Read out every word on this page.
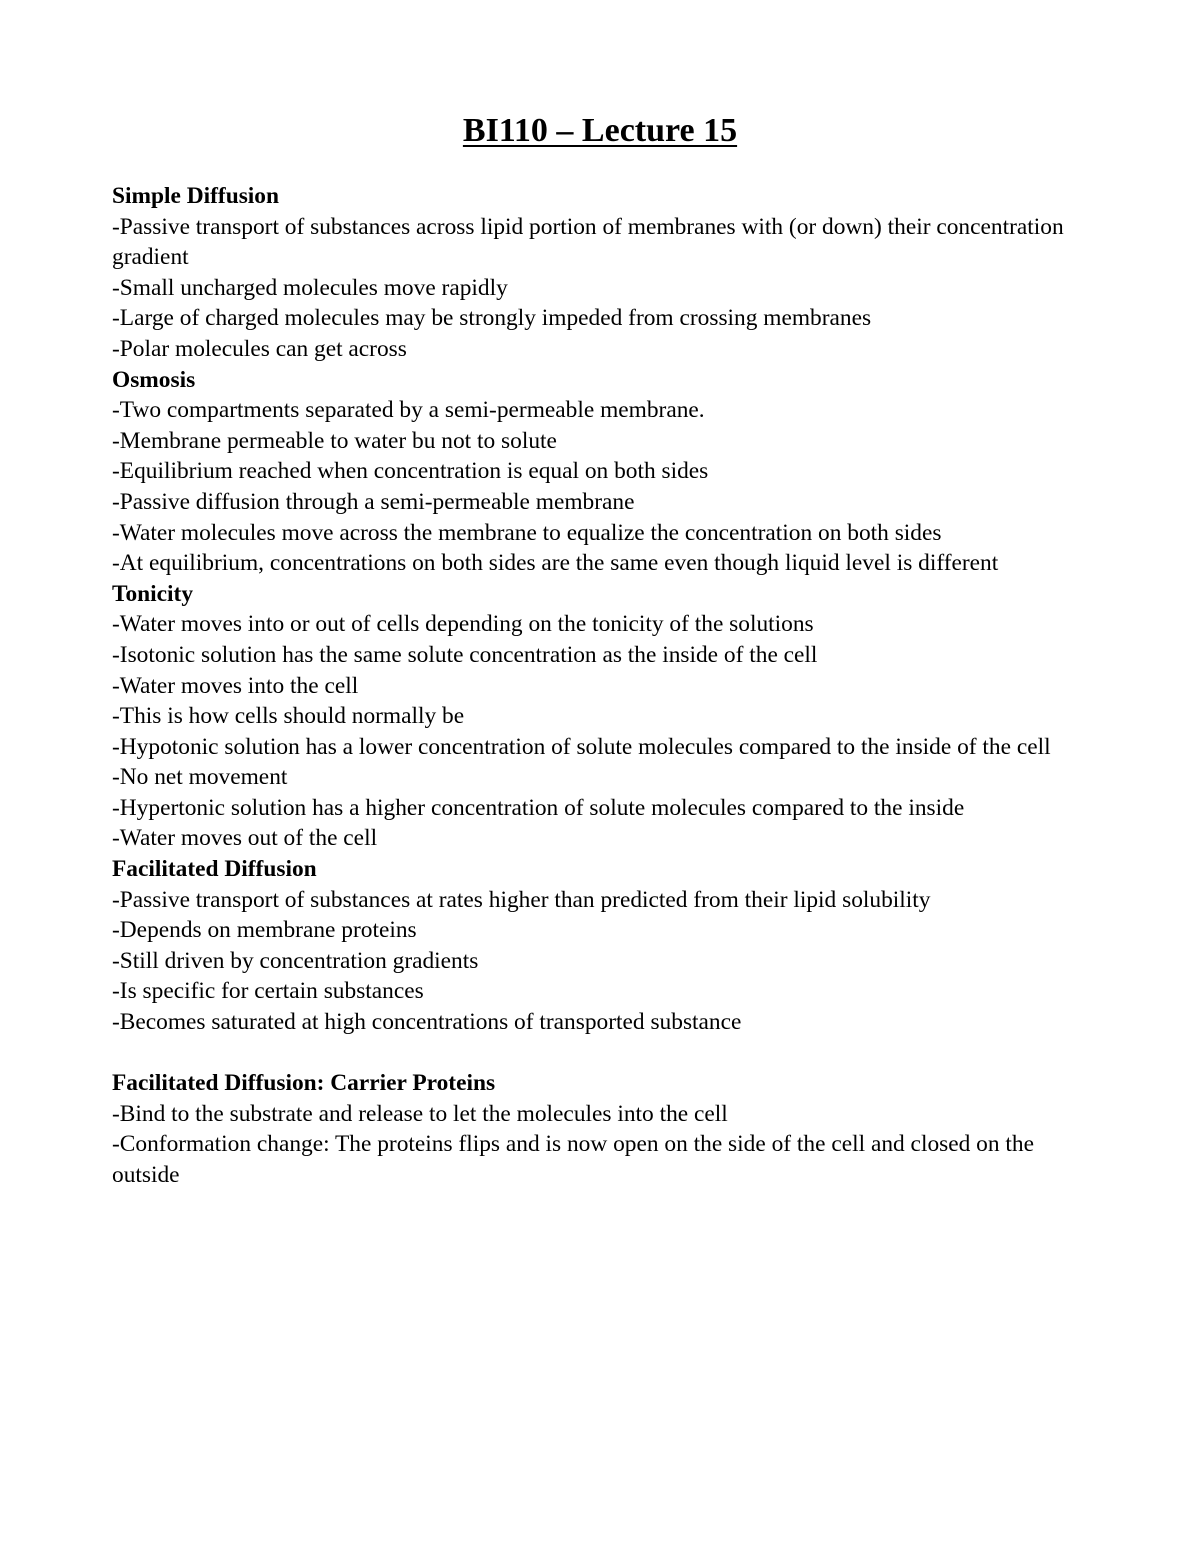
BI110 – Lecture 15

Simple Diffusion

-Passive transport of substances across lipid portion of membranes with (or down) their concentration gradient

-Small uncharged molecules move rapidly

-Large of charged molecules may be strongly impeded from crossing membranes

-Polar molecules can get across

Osmosis

-Two compartments separated by a semi-permeable membrane.

-Membrane permeable to water bu not to solute

-Equilibrium reached when concentration is equal on both sides

-Passive diffusion through a semi-permeable membrane

-Water molecules move across the membrane to equalize the concentration on both sides

-At equilibrium, concentrations on both sides are the same even though liquid level is different

Tonicity

-Water moves into or out of cells depending on the tonicity of the solutions

-Isotonic solution has the same solute concentration as the inside of the cell

-Water moves into the cell

-This is how cells should normally be

-Hypotonic solution has a lower concentration of solute molecules compared to the inside of the cell

-No net movement

-Hypertonic solution has a higher concentration of solute molecules compared to the inside

-Water moves out of the cell

Facilitated Diffusion

-Passive transport of substances at rates higher than predicted from their lipid solubility

-Depends on membrane proteins

-Still driven by concentration gradients

-Is specific for certain substances

-Becomes saturated at high concentrations of transported substance

Facilitated Diffusion: Carrier Proteins

-Bind to the substrate and release to let the molecules into the cell

-Conformation change: The proteins flips and is now open on the side of the cell and closed on the outside
